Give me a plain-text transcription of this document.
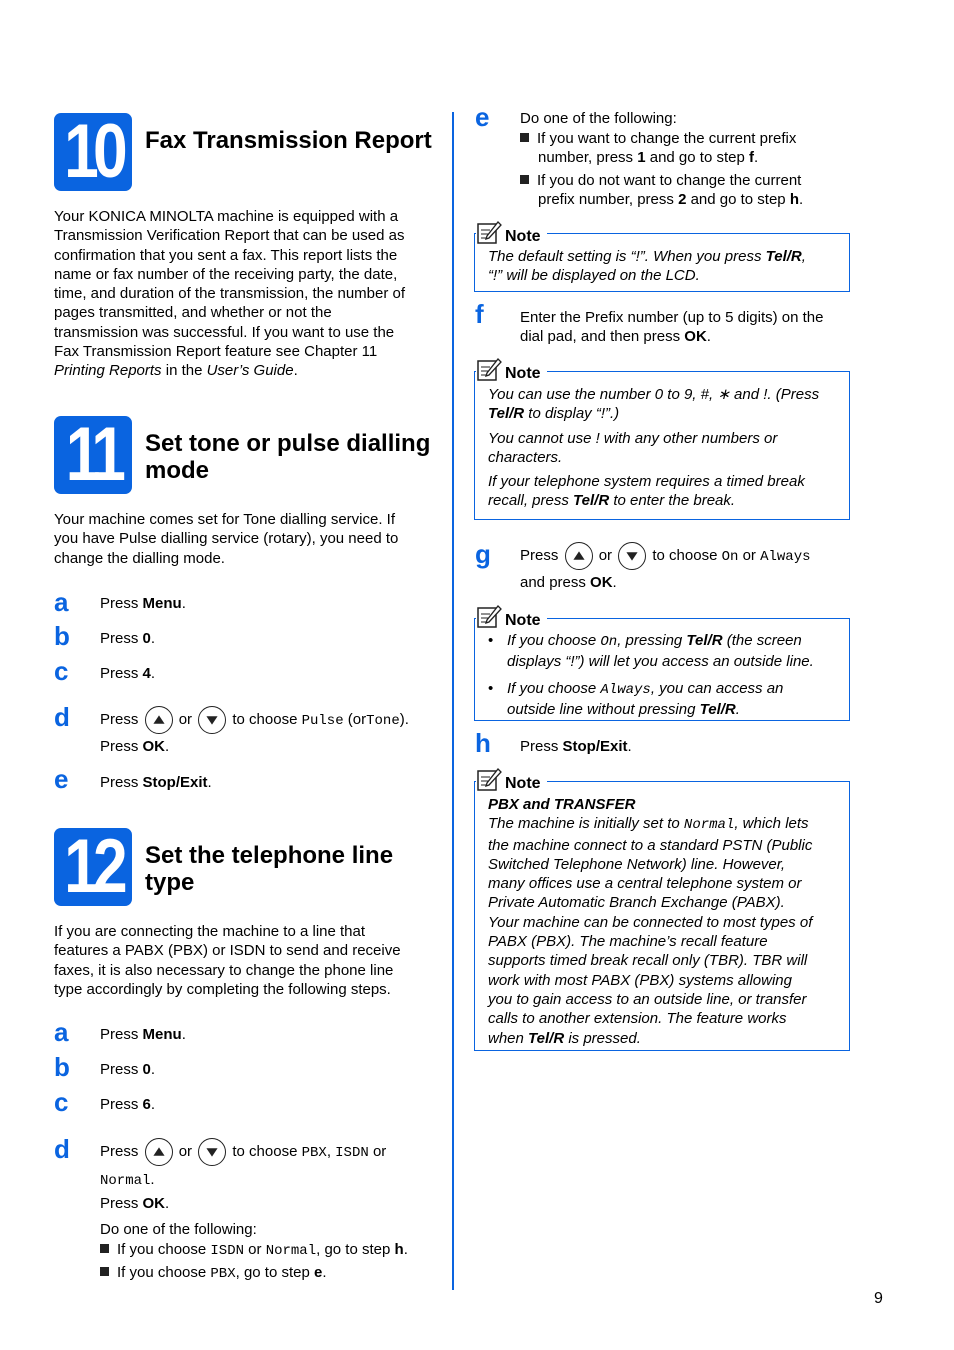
10 Fax Transmission Report
Your KONICA MINOLTA machine is equipped with a
Transmission Verification Report that can be used as
confirmation that you sent a fax. This report lists the
name or fax number of the receiving party, the date,
time, and duration of the transmission, the number of
pages transmitted, and whether or not the
transmission was successful. If you want to use the
Fax Transmission Report feature see Chapter 11
Printing Reports in the User’s Guide.
11 Set tone or pulse dialling
mode
Your machine comes set for Tone dialling service. If
you have Pulse dialling service (rotary), you need to
change the dialling mode.
a Press Menu.
b Press 0.
c Press 4.
d Press	or	to choose Pulse (orTone).
Press OK.
e Press Stop/Exit.
12 Set the telephone line
type
If you are connecting the machine to a line that
features a PABX (PBX) or ISDN to send and receive
faxes, it is also necessary to change the phone line
type accordingly by completing the following steps.
a Press Menu.
b Press 0.
c Press 6.
d Press	or	to choose PBX, ISDN or
Normal.
Press OK.
Do one of the following:
If you choose ISDN or Normal, go to step h.
If you choose PBX, go to step e.
e Do one of the following:
If you want to change the current prefix
number, press 1 and go to step f.
If you do not want to change the current
prefix number, press 2 and go to step h.
Note
The default setting is “!”. When you press Tel/R,
“!” will be displayed on the LCD.
f Enter the Prefix number (up to 5 digits) on the
dial pad, and then press OK.
Note
You can use the number 0 to 9, #, ∗ and !. (Press
Tel/R to display “!”.)
You cannot use ! with any other numbers or
characters.
If your telephone system requires a timed break
recall, press Tel/R to enter the break.
g Press	or	to choose On or Always
and press OK.
Note
• If you choose On, pressing Tel/R (the screen
displays “!”) will let you access an outside line.
• If you choose Always, you can access an
outside line without pressing Tel/R.
h Press Stop/Exit.
Note
PBX and TRANSFER
The machine is initially set to Normal, which lets
the machine connect to a standard PSTN (Public
Switched Telephone Network) line. However,
many offices use a central telephone system or
Private Automatic Branch Exchange (PABX).
Your machine can be connected to most types of
PABX (PBX). The machine’s recall feature
supports timed break recall only (TBR). TBR will
work with most PABX (PBX) systems allowing
you to gain access to an outside line, or transfer
calls to another extension. The feature works
when Tel/R is pressed.
9
